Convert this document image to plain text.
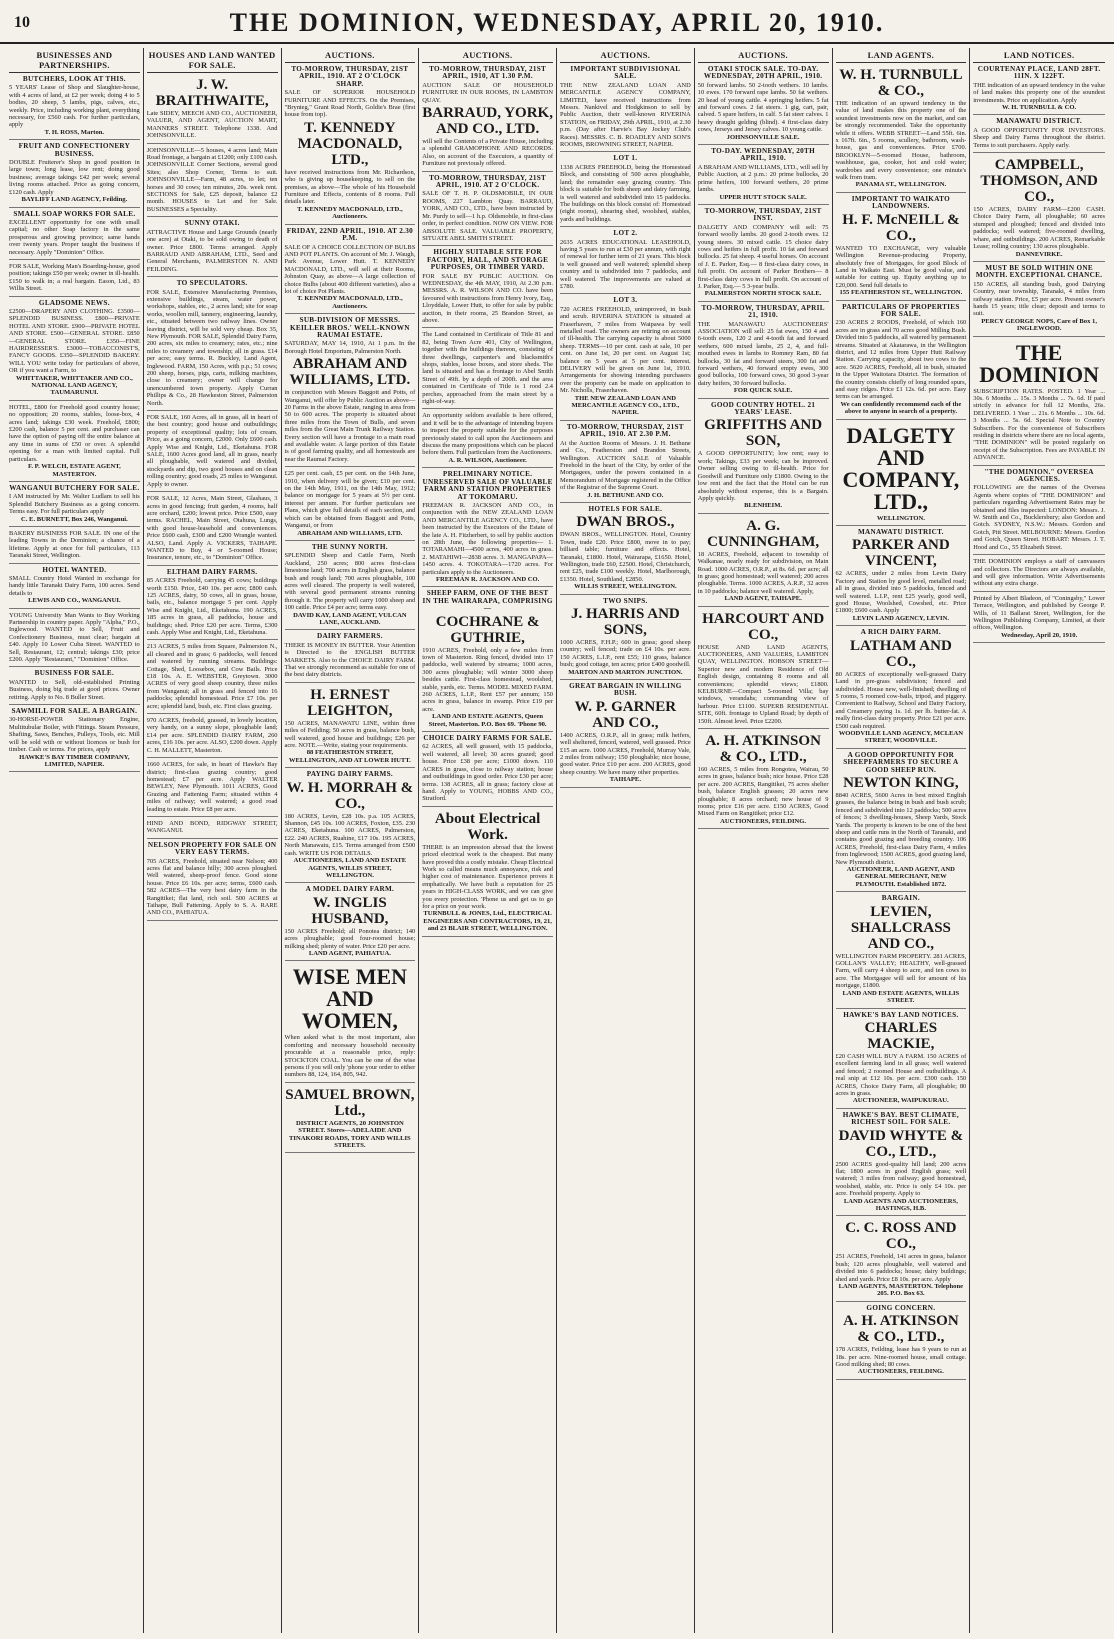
10	THE DOMINION, WEDNESDAY, APRIL 20, 1910.
BUSINESSES AND PARTNERSHIPS.
BUTCHERS, LOOK AT THIS.
5 YEARS' Lease of Shop and Slaughter-house, with 4 acres of land, at £2 per week; doing 4 to 5 bodies, 20 sheep, 5 lambs, pigs, calves, etc., weekly. Price, including working plant, everything necessary, for £560 cash. For further particulars, apply
T. H. ROSS, Marton.
FRUIT AND CONFECTIONERY BUSINESS.
DOUBLE Fruiterer's Shop in good position in large town; long lease, low rent; doing good business; average takings £42 per week; several living rooms attached. Price as going concern, £120 cash. Apply
BAYLIFF LAND AGENCY, Feilding.
SMALL SOAP WORKS FOR SALE.
EXCELLENT opportunity for one with small capital; no other Soap factory in the same prosperous and growing province; same hands over twenty years. Proper taught the business if necessary. Apply "Dominion" Office.
FOR SALE, Working Man's Boarding-house, good position; takings £50 per week; owner in ill-health. £150 to walk in; a real bargain. Eason, Ltd., 83 Willis Street.
GLADSOME NEWS.
£2500—DRAPERY AND CLOTHING. £3500—SPLENDID BUSINESS. £800—PRIVATE HOTEL AND STORE. £900—PRIVATE HOTEL AND STORE. £500—GENERAL STORE. £850—GENERAL STORE. £350—FINE HAIRDRESSER'S. £3000—TOBACCONIST'S, FANCY GOODS. £350—SPLENDID BAKERY. WILL YOU write today for particulars of above, OR if you want a Farm, to
WHITTAKER, WHITTAKER AND CO., NATIONAL LAND AGENCY, TAUMARUNUI.
HOTEL, £800 for Freehold good country house; no opposition; 20 rooms, stables, loose-box, 4 acres land; takings £30 week. Freehold, £800; £200 cash, balance 5 per cent. and purchaser can have the option of paying off the entire balance at any time in sums of £50 or over. A splendid opening for a man with limited capital. Full particulars.
F. P. WELCH, ESTATE AGENT, MASTERTON.
WANGANUI BUTCHERY FOR SALE.
I AM instructed by Mr. Walter Ludlam to sell his Splendid Butchery Business as a going concern. Terms easy. For full particulars apply
C. E. BURNETT, Box 246, Wanganui.
BAKERY BUSINESS FOR SALE. IN one of the leading Towns in the Dominion; a chance of a lifetime. Apply at once for full particulars, 113 Taranaki Street, Wellington.
HOTEL WANTED.
SMALL Country Hotel Wanted in exchange for handy little Taranaki Dairy Farm, 100 acres. Send details to
LEWIS AND CO., WANGANUI.
YOUNG University Man Wants to Buy Working Partnership in country paper. Apply "Alpha," P.O., Inglewood. WANTED to Sell, Fruit and Confectionery Business, must clear; bargain at £40. Apply 10 Lower Cuba Street. WANTED to Sell, Restaurant, 12; central; takings £30; price £200. Apply "Restaurant," "Dominion" Office.
BUSINESS FOR SALE.
WANTED to Sell, old-established Printing Business, doing big trade at good prices. Owner retiring. Apply to No. 8 Buller Street.
SAWMILL FOR SALE. A BARGAIN.
30-HORSE-POWER Stationary Engine, Multitubular Boiler, with Fittings. Steam Pressure, Shafting, Saws, Benches, Pulleys, Tools, etc. Mill will be sold with or without licences or bush for timber. Cash or terms. For prices, apply
HAWKE'S BAY TIMBER COMPANY, LIMITED, NAPIER.
HOUSES AND LAND WANTED FOR SALE.
J. W. BRAITHWAITE,
Late SIDEY, MEECH AND CO., AUCTIONEER, VALUER, AND AGENT, AUCTION MART, MANNERS STREET. Telephone 1338. And JOHNSONVILLE.
JOHNSONVILLE—5 houses, 4 acres land; Main Road frontage, a bargain at £1200; only £100 cash. JOHNSONVILLE Corner Sections, several good Sites; also Shop Corner, Terms to suit. JOHNSONVILLE—Farm, 48 acres, to let; ten horses and 30 cows; ten minutes, 20s. week rent. SECTIONS for Sale, £25 deposit, balance £2 month. HOUSES to Let and for Sale. BUSINESSES a Speciality.
SUNNY OTAKI.
ATTRACTIVE House and Large Grounds (nearly one acre) at Otaki, to be sold owing to death of owner. Price £800. Terms arranged. Apply BARRAUD AND ABRAHAM, LTD., Seed and General Merchants, PALMERSTON N. AND FEILDING.
TO SPECULATORS.
FOR SALE, Extensive Manufacturing Premises, extensive buildings, steam, water power, workshops, stables, etc., 2 acres land; site for soap works, woollen mill, tannery, engineering, laundry, etc., situated between two railway lines. Owner leaving district, will be sold very cheap. Box 35, New Plymouth. FOR SALE, Splendid Dairy Farm, 200 acres, six miles to creamery; rates, etc.; nine miles to creamery and township; all in grass. £14 per acre; easy terms. R. Buckley, Land Agent, Inglewood. FARM, 150 Acres, with p.p.; 51 cows; 200 sheep, horses, pigs, carts, milking machines, close to creamery; owner will change for unencumbered town property. Apply Curran Phillips & Co., 28 Hawkeston Street, Palmerston North.
FOR SALE, 160 Acres, all in grass, all in heart of the best country; good house and outbuildings; property of exceptional quality; lots of cream. Price, as a going concern, £2000. Only £600 cash. Apply Wise and Knight, Ltd., Eketahuna. FOR SALE, 1600 Acres good land, all in grass, nearly all ploughable, well watered and divided, stockyards and dip, two good houses and on clean rolling country; good roads, 25 miles to Wanganui. Apply to owner.
FOR SALE, 12 Acres, Main Street, Glashaus, 3 acres in good fencing; fruit garden, 4 rooms, half acre orchard, £200; lowest price. Price £500, easy terms. RACHEL, Main Street, Otahuna, Lungs, with good house-leasehold and conveniences. Price £600 cash, £300 and £200 Wrangle wanted. ALSO, Land. Apply A. VICKERS, TAIHAPE. WANTED to Buy, 4 or 5-roomed House; Insurance, tenure, etc., to "Dominion" Office.
ELTHAM DAIRY FARMS.
85 ACRES Freehold, carrying 45 cows; buildings worth £150. Price, £40 10s. per acre; £800 cash. 125 ACRES, dairy, 50 cows, all in grass, house, bails, etc., balance mortgage 5 per cent. Apply Wise and Knight, Ltd., Eketahuna. 190 ACRES, 185 acres in grass, all paddocks, house and buildings; shed. Price £20 per acre. Terms, £300 cash. Apply Wise and Knight, Ltd., Eketahuna.
213 ACRES, 5 miles from Square, Palmerston N., all cleared and in grass; 6 paddocks, well fenced and watered by running streams. Buildings: Cottage, Shed, Loosebox, and Cow Bails. Price £18 10s. A. E. WEBSTER, Greytown. 3000 ACRES of very good sheep country, three miles from Wanganui; all in grass and fenced into 16 paddocks; splendid homestead. Price £7 10s. per acre; splendid land, bush, etc. First class grazing.
970 ACRES, freehold, grassed, in lovely location, very handy, on a sunny slope, ploughable land; £14 per acre. SPLENDID DAIRY FARM, 260 acres, £16 10s. per acre. ALSO, £200 down. Apply C. H. MALLETT, Masterton.
1660 ACRES, for sale, in heart of Hawke's Bay district; first-class grazing country; good homestead; £7 per acre. Apply WALTER BEWLEY, New Plymouth. 1011 ACRES, Good Grazing and Fattening Farm; situated within 4 miles of railway; well watered; a good road leading to estate. Price £8 per acre.
HIND AND BOND, RIDGWAY STREET, WANGANUI.
NELSON PROPERTY FOR SALE ON VERY EASY TERMS.
705 ACRES, Freehold, situated near Nelson; 400 acres flat and balance hilly; 300 acres ploughed. Well watered, sheep-proof fence. Good stone house. Price £6 10s. per acre; terms, £600 cash. 582 ACRES—The very best dairy farm in the Rangitikei; flat land, rich soil. 500 ACRES at Taihape, Bull Fattening. Apply to S. A. RARE AND CO., PAHIATUA.
AUCTIONS.
TO-MORROW, THURSDAY, 21ST APRIL, 1910. AT 2 O'CLOCK SHARP.
SALE OF SUPERIOR HOUSEHOLD FURNITURE AND EFFECTS. On the Premises, "Brynteg," Grant Road North, Goldie's Brae (first house from top).
T. KENNEDY MACDONALD, LTD.,
have received instructions from Mr. Richardson, who is giving up housekeeping, to sell on the premises, as above—The whole of his Household Furniture and Effects, contents of 8 rooms. Full details later.
T. KENNEDY MACDONALD, LTD., Auctioneers.
FRIDAY, 22ND APRIL, 1910. AT 2.30 P.M.
SALE OF A CHOICE COLLECTION OF BULBS AND POT PLANTS. On account of Mr. J. Waugh, Park Avenue, Lower Hutt. T. KENNEDY MACDONALD, LTD., will sell at their Rooms, Johnston Quay, as above—A large collection of choice Bulbs (about 400 different varieties), also a lot of choice Pot Plants.
T. KENNEDY MACDONALD, LTD., Auctioneers.
SUB-DIVISION OF MESSRS. KEILLER BROS.' WELL-KNOWN RAUMAI ESTATE.
SATURDAY, MAY 14, 1910, At 1 p.m. In the Borough Hotel Emporium, Palmerston North.
ABRAHAM AND WILLIAMS, LTD.
in conjunction with Messrs Baggott and Potts, of Wanganui, will offer by Public Auction as above—20 Farms in the above Estate, ranging in area from 50 to 600 acres. The property is situated about three miles from the Town of Bulls, and seven miles from the Great Main Trunk Railway Station. Every section will have a frontage to a main road and available water. A large portion of this Estate is of good farming quality, and all homesteads are near the Raumai Factory.
£25 per cent. cash, £5 per cent. on the 14th June, 1910, when delivery will be given; £10 per cent. on the 14th May, 1911, on the 14th May, 1912; balance on mortgage for 5 years at 5½ per cent. interest per annum. For further particulars see Plans, which give full details of each section, and which can be obtained from Baggott and Potts, Wanganui, or from
ABRAHAM AND WILLIAMS, LTD.
THE SUNNY NORTH.
SPLENDID Sheep and Cattle Farm, North Auckland, 250 acres; 800 acres first-class limestone land; 700 acres in English grass, balance bush and rough land; 700 acres ploughable, 100 acres well cleared. The property is well watered, with several good permanent streams running through it. The property will carry 1000 sheep and 100 cattle. Price £4 per acre; terms easy.
DAVID KAY, LAND AGENT, VULCAN LANE, AUCKLAND.
DAIRY FARMERS.
THERE IS MONEY IN BUTTER. Your Attention is Directed to the ENGLISH BUTTER MARKETS. Also to the CHOICE DAIRY FARM. That we strongly recommend as suitable for one of the best dairy districts.
H. ERNEST LEIGHTON,
150 ACRES, MANAWATU LINE, within three miles of Feilding; 50 acres in grass, balance bush, well watered, good house and buildings; £26 per acre. NOTE.—Write, stating your requirements.
88 FEATHERSTON STREET, WELLINGTON, AND AT LOWER HUTT.
PAYING DAIRY FARMS.
W. H. MORRAH & CO.,
180 ACRES, Levin, £28 10s. p.a. 105 ACRES, Shannon, £45 10s. 100 ACRES, Foxton, £35. 230 ACRES, Eketahuna. 100 ACRES, Palmerston, £22. 240 ACRES, Ruahine, £17 10s. 195 ACRES, North Manawatu, £15. Terms arranged from £500 cash. WRITE US FOR DETAILS.
AUCTIONEERS, LAND AND ESTATE AGENTS, WILLIS STREET, WELLINGTON.
A MODEL DAIRY FARM.
W. INGLIS HUSBAND,
150 ACRES Freehold; all Ponotea district; 140 acres ploughable; good four-roomed house; milking shed; plenty of water. Price £20 per acre.
LAND AGENT, PAHIATUA.
WISE MEN AND WOMEN,
When asked what is the most important, also comforting and necessary household necessity procurable at a reasonable price, reply: STOCKTON COAL. You can be one of the wise persons if you will only 'phone your order to either numbers 88, 124, 164, 805, 942.
SAMUEL BROWN, Ltd.,
DISTRICT AGENTS, 20 JOHNSTON STREET. Stores—ADELAIDE AND TINAKORI ROADS, TORY AND WILLIS STREETS.
AUCTIONS.
TO-MORROW, THURSDAY, 21ST APRIL, 1910, AT 1.30 P.M.
AUCTION SALE OF HOUSEHOLD FURNITURE IN OUR ROOMS, IN LAMBTON QUAY.
BARRAUD, YORK, AND CO., LTD.
will sell the Contents of a Private House, including a splendid GRAMOPHONE AND RECORDS. Also, on account of the Executors, a quantity of Furniture not previously offered.
TO-MORROW, THURSDAY, 21ST APRIL, 1910. AT 2 O'CLOCK.
SALE OF T. H. P. OLDSMOBILE, IN OUR ROOMS, 227 Lambton Quay. BARRAUD, YORK, AND CO., LTD., have been instructed by Mr. Purdy to sell—1 h.p. Oldsmobile, in first-class order, in perfect condition. NOW ON VIEW. FOR ABSOLUTE SALE. VALUABLE PROPERTY, SITUATE ABEL SMITH STREET.
HIGHLY SUITABLE SITE FOR FACTORY, HALL, AND STORAGE PURPOSES, OR TIMBER YARD.
FOR SALE BY PUBLIC AUCTION. On WEDNESDAY, the 4th MAY, 1910, At 2.30 p.m. MESSRS. A. R. WILSON AND CO. have been favoured with instructions from Henry Ivory, Esq., Lloyddale, Lower Hutt, to offer for sale by public auction, in their rooms, 25 Brandon Street, as above.
The Land contained in Certificate of Title 81 and 82, being Town Acre 401, City of Wellington, together with the buildings thereon, consisting of three dwellings, carpenter's and blacksmith's shops, stables, loose boxes, and store sheds. The land is situated and has a frontage to Abel Smith Street of 49ft. by a depth of 200ft. and the area contained in Certificate of Title is 1 rood 2.4 perches, approached from the main street by a right-of-way.
An opportunity seldom available is here offered, and it will be to the advantage of intending buyers to inspect the property suitable for the purposes previously stated to call upon the Auctioneers and discuss the many propositions which can be placed before them. Full particulars from the Auctioneers.
A. R. WILSON, Auctioneer.
PRELIMINARY NOTICE. UNRESERVED SALE OF VALUABLE FARM AND STATION PROPERTIES AT TOKOMARU.
FREEMAN R. JACKSON AND CO., in conjunction with the NEW ZEALAND LOAN AND MERCANTILE AGENCY CO., LTD., have been instructed by the Executors of the Estate of the late A. H. Fitzherbert, to sell by public auction on 28th June, the following properties— 1. TOTARAMAHI—4500 acres, 400 acres in grass. 2. MATAHIWI—2838 acres. 3. MANGAPAPA—1450 acres. 4. TOKOTARA—1720 acres. For particulars apply to the Auctioneers.
FREEMAN R. JACKSON AND CO.
SHEEP FARM, ONE OF THE BEST IN THE WAIRARAPA, COMPRISING—
COCHRANE & GUTHRIE,
1910 ACRES, Freehold, only a few miles from town of Masterton. Ring fenced, divided into 17 paddocks, well watered by streams; 1000 acres, 300 acres ploughable; will winter 3000 sheep besides cattle. First-class homestead, woolshed, stable, yards, etc. Terms. MODEL MIXED FARM. 260 ACRES, L.I.P., Rent £57 per annum; 150 acres in grass, balance in swamp. Price £19 per acre.
LAND AND ESTATE AGENTS, Queen Street, Masterton. P.O. Box 69. 'Phone 90.
CHOICE DAIRY FARMS FOR SALE.
62 ACRES, all well grassed, with 15 paddocks, well watered, all level; 30 acres grazed; good house. Price £38 per acre; £1000 down. 110 ACRES in grass, close to railway station; house and outbuildings in good order. Price £30 per acre; terms. 138 ACRES, all in grass; factory close at hand. Apply to YOUNG, HOBBS AND CO., Stratford.
About Electrical Work.
THERE is an impression abroad that the lowest priced electrical work is the cheapest. But many have proved this a costly mistake. Cheap Electrical Work so called means much annoyance, risk and higher cost of maintenance. Experience proves it emphatically. We have built a reputation for 25 years in HIGH-CLASS WORK, and we can give you every protection. 'Phone us and get us to go for a price on your work.
TURNBULL & JONES, Ltd., ELECTRICAL ENGINEERS AND CONTRACTORS, 19, 21, and 23 BLAIR STREET, WELLINGTON.
AUCTIONS.
IMPORTANT SUBDIVISIONAL SALE.
THE NEW ZEALAND LOAN AND MERCANTILE AGENCY COMPANY, LIMITED, have received instructions from Messrs. Nankivel and Hodgkinson to sell by Public Auction, their well-known RIVERINA STATION, on FRIDAY, 29th APRIL, 1910, at 2.30 p.m. (Day after Harvie's Bay Jockey Club's Races). MESSRS. C. B. ROADLEY AND SON'S ROOMS, BROWNING STREET, NAPIER.
LOT 1.
1338 ACRES FREEHOLD, being the Homestead Block, and consisting of 500 acres ploughable, land; the remainder easy grazing country. This block is suitable for both sheep and dairy farming, is well watered and subdivided into 15 paddocks. The buildings on this block consist of: Homestead (eight rooms), shearing shed, woolshed, stables, yards and buildings.
LOT 2.
2635 ACRES EDUCATIONAL LEASEHOLD, having 5 years to run at £30 per annum, with right of renewal for further term of 21 years. This block is well grassed and well watered; splendid sheep country and is subdivided into 7 paddocks, and well watered. The improvements are valued at £780.
LOT 3.
720 ACRES FREEHOLD, unimproved, in bush and scrub. RIVERINA STATION is situated at Fraserhaven, 7 miles from Waipawa by well metalled road. The owners are retiring on account of ill-health. The carrying capacity is about 5000 sheep. TERMS—10 per cent. cash at sale, 10 per cent. on June 1st, 20 per cent. on August 1st; balance on 5 years at 5 per cent. interest. DELIVERY will be given on June 1st, 1910. Arrangements for showing intending purchasers over the property can be made on application to Mr. Nicholls, Fraserhaven.
THE NEW ZEALAND LOAN AND MERCANTILE AGENCY CO., LTD., NAPIER.
TO-MORROW, THURSDAY, 21ST APRIL, 1910. AT 2.30 P.M.
At the Auction Rooms of Messrs. J. H. Bethune and Co., Featherston and Brandon Streets, Wellington. AUCTION SALE of Valuable Freehold in the heart of the City, by order of the Mortgagees, under the powers contained in a Memorandum of Mortgage registered in the Office of the Registrar of the Supreme Court.
J. H. BETHUNE AND CO.
HOTELS FOR SALE.
DWAN BROS.,
DWAN BROS., WELLINGTON. Hotel, Country Town, trade £20. Price £800, move in to pay; billiard table; furniture and effects. Hotel, Taranaki, £1800. Hotel, Wairarapa, £1650. Hotel, Wellington, trade £60, £2500. Hotel, Christchurch, rent £25, trade £100 weekly. Hotel, Marlborough, £1350. Hotel, Southland, £2850.
WILLIS STREET, WELLINGTON.
TWO SNIPS.
J. HARRIS AND SONS,
1000 ACRES, F.H.P.; 600 in grass; good sheep country; well fenced; trade on £4 10s. per acre. 150 ACRES, L.I.P., rent £55; 110 grass, balance bush; good cottage, ten acres; price £400 goodwill.
MARTON AND MARTON JUNCTION.
GREAT BARGAIN IN WILLING BUSH.
W. P. GARNER AND CO.,
1400 ACRES, O.R.P., all in grass; milk heifers, well sheltered, fenced, watered, well grassed. Price £15 an acre. 1000 ACRES, Freehold, Murray Vale, 2 miles from railway; 150 ploughable; nice house, good water. Price £10 per acre. 200 ACRES, good sheep country. We have many other properties.
TAIHAPE.
AUCTIONS.
OTAKI STOCK SALE. TO-DAY. WEDNESDAY, 20TH APRIL, 1910.
50 forward lambs. 50 2-tooth wethers. 10 lambs. 10 ewes. 170 forward rape lambs. 50 fat wethers. 20 head of young cattle. 4 springing heifers. 5 fat and forward cows. 2 fat steers. 1 gig, cart, pair, calved. 5 spare heifers, in calf. 5 fat steer calves. 1 heavy draught gelding (blind). 4 first-class dairy cows, Jerseys and Jersey calves. 10 young cattle.
JOHNSONVILLE SALE.
TO-DAY. WEDNESDAY, 20TH APRIL, 1910.
A BRAHAM AND WILLIAMS, LTD., will sell by Public Auction, at 2 p.m.: 20 prime bullocks, 20 prime heifers, 100 forward wethers, 20 prime lambs.
UPPER HUTT STOCK SALE.
TO-MORROW, THURSDAY, 21ST INST.
DALGETY AND COMPANY will sell: 75 forward woolly lambs. 20 good 2-tooth ewes. 12 young steers. 30 mixed cattle. 15 choice dairy cows and heifers in full profit. 10 fat and forward bullocks. 25 fat sheep. 4 useful horses. On account of J. E. Parker, Esq.— 8 first-class dairy cows, in full profit. On account of Parker Brothers— 8 first-class dairy cows in full profit. On account of J. Parker, Esq.— 5 3-year bulls.
PALMERSTON NORTH STOCK SALE.
TO-MORROW, THURSDAY, APRIL 21, 1910.
THE MANAWATU AUCTIONEERS' ASSOCIATION will sell: 25 fat ewes, 150 4 and 6-tooth ewes, 120 2 and 4-tooth fat and forward wethers, 600 mixed lambs, 25 2, 4, and full-mouthed ewes in lambs to Romney Ram, 80 fat bullocks, 30 fat and forward steers, 300 fat and forward wethers, 40 forward empty ewes, 300 good bullocks, 100 forward cows, 30 good 3-year dairy heifers, 30 forward bullocks.
FOR QUICK SALE.
GOOD COUNTRY HOTEL. 21 YEARS' LEASE.
GRIFFITHS AND SON,
A GOOD OPPORTUNITY; low rent; easy to work; Takings, £33 per week; can be improved. Owner selling owing to ill-health. Price for Goodwill and Furniture only £1800. Owing to the low rent and the fact that the Hotel can be run absolutely without expense, this is a Bargain. Apply quickly.
BLENHEIM.
A. G. CUNNINGHAM,
18 ACRES, Freehold, adjacent to township of Walkanae, nearly ready for subdivision, on Main Road. 1000 ACRES, O.R.P., at 8s. 6d. per acre; all in grass; good homestead; well watered; 200 acres ploughable. Terms. 1000 ACRES, A.R.P., 32 acres in 10 paddocks; balance well watered. Apply,
LAND AGENT, TAIHAPE.
HARCOURT AND CO.,
HOUSE AND LAND AGENTS, AUCTIONEERS, AND VALUERS, LAMBTON QUAY, WELLINGTON. HOBSON STREET—Superior new and modern Residence of Old English design, containing 8 rooms and all conveniences; splendid views; £1800. KELBURNE—Compact 5-roomed Villa; bay windows, verandahs; commanding view of harbour. Price £1100. SUPERB RESIDENTIAL SITE, 60ft. frontage to Upland Road; by depth of 150ft. Almost level. Price £2200.
A. H. ATKINSON & CO., LTD.,
160 ACRES, 5 miles from Rongotea, Wairau, 50 acres in grass, balance bush; nice house. Price £28 per acre. 200 ACRES, Rangitikei, 75 acres shelter bush, balance English grasses; 20 acres new ploughable; 8 acres orchard; new house of 9 rooms; price £16 per acre. £150 ACRES, Good Mixed Farm on Rangitikei; price £12.
AUCTIONEERS, FEILDING.
LAND AGENTS.
W. H. TURNBULL & CO.,
THE indication of an upward tendency in the value of land makes this property one of the soundest investments now on the market, and can be strongly recommended. Take the opportunity while it offers. WEBB STREET—Land 55ft. 6in. x 167ft. 6in., 5 rooms, scullery, bathroom, wash-house, gas and conveniences. Price £700. BROOKLYN—5-roomed House, bathroom, washhouse, gas, cooker, hot and cold water; wardrobes and every convenience; one minute's walk from tram.
PANAMA ST., WELLINGTON.
IMPORTANT TO WAIKATO LANDOWNERS.
H. F. McNEILL & CO.,
WANTED TO EXCHANGE, very valuable Wellington Revenue-producing Property, absolutely free of Mortgages, for good Block of Land in Waikato East. Must be good value, and suitable for cutting up. Equity anything up to £20,000. Send full details to
155 FEATHERSTON ST., WELLINGTON.
PARTICULARS OF PROPERTIES FOR SALE.
230 ACRES 2 ROODS, Freehold, of which 160 acres are in grass and 70 acres good Milling Bush. Divided into 5 paddocks, all watered by permanent streams. Situated at Akatarawa, in the Wellington district, and 12 miles from Upper Hutt Railway Station. Carrying capacity, about two cows to the acre. 5620 ACRES, Freehold, all in bush, situated in the Upper Waitotara District. The formation of the country consists chiefly of long rounded spurs, and easy ridges. Price £1 12s. 6d. per acre. Easy terms can be arranged.
We can confidently recommend each of the above to anyone in search of a property.
DALGETY AND COMPANY, LTD.,
WELLINGTON.
MANAWATU DISTRICT.
PARKER AND VINCENT,
62 ACRES, under 2 miles from Levin Dairy Factory and Station by good level, metalled road; all in grass, divided into 5 paddocks, fenced and well watered. L.I.P., rent £25 yearly, good well, good House, Woolshed, Cowshed, etc. Price £1800; £600 cash. Apply
LEVIN LAND AGENCY, LEVIN.
A RICH DAIRY FARM.
LATHAM AND CO.,
80 ACRES of exceptionally well-grassed Dairy Land in pre-grass subdivision; fenced and subdivided. House new, well-finished; dwelling of 5 rooms, 5 roomed cow-bails, tripod, and piggery. Convenient to Railway, School and Dairy Factory, and Creamery paying 1s. 1d. per lb. butter-fat. A really first-class dairy property. Price £21 per acre. £500 cash required.
WOODVILLE LAND AGENCY, MCLEAN STREET, WOODVILLE.
A GOOD OPPORTUNITY FOR SHEEPFARMERS TO SECURE A GOOD SHEEP RUN.
NEWTON KING,
8840 ACRES, 5600 Acres in best mixed English grasses, the balance being in bush and bush scrub; fenced and subdivided into 12 paddocks; 500 acres of fences; 3 dwelling-houses, Sheep Yards, Stock Yards. The property is known to be one of the best sheep and cattle runs in the North of Taranaki, and contains good grazing and breeding country. 106 ACRES, Freehold, first-class Dairy Farm, 4 miles from Inglewood; 1500 ACRES, good grazing land, New Plymouth district.
AUCTIONEER, LAND AGENT, AND GENERAL MERCHANT, NEW PLYMOUTH. Established 1872.
BARGAIN.
LEVIEN, SHALLCRASS AND CO.,
WELLINGTON FARM PROPERTY. 281 ACRES, GOLLAN'S VALLEY; HEALTHY, well-grassed Farm, will carry 4 sheep to acre, and ten cows to acre. The Mortgagee will sell for amount of his mortgage, £1800.
LAND AND ESTATE AGENTS, WILLIS STREET.
HAWKE'S BAY LAND NOTICES.
CHARLES MACKIE,
£20 CASH WILL BUY A FARM. 150 ACRES of excellent farming land in all grass; well watered and fenced; 2 roomed House and outbuildings. A real snip at £12 10s. per acre. £300 cash. 150 ACRES, Choice Dairy Farm, all ploughable; 80 acres in grass.
AUCTIONEER, WAIPUKURAU.
HAWKE'S BAY. BEST CLIMATE, RICHEST SOIL. FOR SALE.
DAVID WHYTE & CO., LTD.,
2500 ACRES good-quality hill land; 200 acres flat; 1800 acres in good English grass; well watered; 3 miles from railway; good homestead, woolshed, stable, etc. Price is only £4 10s. per acre. Freehold property. Apply to
LAND AGENTS AND AUCTIONEERS, HASTINGS, H.B.
C. C. ROSS AND CO.,
251 ACRES, Freehold, 141 acres in grass, balance bush; 120 acres ploughable, well watered and divided into 6 paddocks; house; dairy buildings; shed and yards. Price £8 10s. per acre. Apply
LAND AGENTS, MASTERTON. Telephone 205. P.O. Box 63.
GOING CONCERN.
A. H. ATKINSON & CO., LTD.,
178 ACRES, Feilding, lease has 9 years to run at 18s. per acre. Nine-roomed house, small cottage. Good milking shed; 80 cows.
AUCTIONEERS, FEILDING.
LAND NOTICES.
COURTENAY PLACE, LAND 28FT. 11IN. X 122FT.
THE indication of an upward tendency in the value of land makes this property one of the soundest investments. Price on application. Apply
W. H. TURNBULL & CO.
MANAWATU DISTRICT.
A GOOD OPPORTUNITY FOR INVESTORS. Sheep and Dairy Farms throughout the district. Terms to suit purchasers. Apply early.
CAMPBELL, THOMSON, AND CO.,
150 ACRES, DAIRY FARM—£200 CASH. Choice Dairy Farm, all ploughable; 60 acres stumped and ploughed; fenced and divided into paddocks; well watered; five-roomed dwelling, whare, and outbuildings. 200 ACRES, Remarkable Lease; rolling country; 130 acres ploughable.
DANNEVIRKE.
MUST BE SOLD WITHIN ONE MONTH. EXCEPTIONAL CHANCE.
150 ACRES, all standing bush, good Dairying Country, near township, Taranaki, 4 miles from railway station. Price, £5 per acre. Present owner's hands 15 years; title clear; deposit and terms to suit.
PERCY GEORGE NOPS, Care of Box 1, INGLEWOOD.
THE DOMINION
SUBSCRIPTION RATES. POSTED. 1 Year ... 30s. 6 Months ... 15s. 3 Months ... 7s. 6d. If paid strictly in advance for full 12 Months, 26s. DELIVERED. 1 Year ... 21s. 6 Months ... 10s. 6d. 3 Months ... 5s. 6d. Special Note to Country Subscribers. For the convenience of Subscribers residing in districts where there are no local agents, "THE DOMINION" will be posted regularly on receipt of the Subscription. Fees are PAYABLE IN ADVANCE.
"THE DOMINION." OVERSEA AGENCIES.
FOLLOWING are the names of the Oversea Agents where copies of "THE DOMINION" and particulars regarding Advertisement Rates may be obtained and files inspected: LONDON: Messrs. J. W. Smith and Co., Bucklersbury; also Gordon and Gotch. SYDNEY, N.S.W.: Messrs. Gordon and Gotch, Pitt Street. MELBOURNE: Messrs. Gordon and Gotch, Queen Street. HOBART: Messrs. J. T. Hood and Co., 55 Elizabeth Street.
THE DOMINION employs a staff of canvassers and collectors. The Directors are always available, and will give information. Write Advertisements without any extra charge.
Printed by Albert Bladeon, of "Coningsby," Lower Terrace, Wellington, and published by George P. Wills, of 11 Ballarat Street, Wellington, for the Wellington Publishing Company, Limited, at their offices, Wellington.
Wednesday, April 20, 1910.
